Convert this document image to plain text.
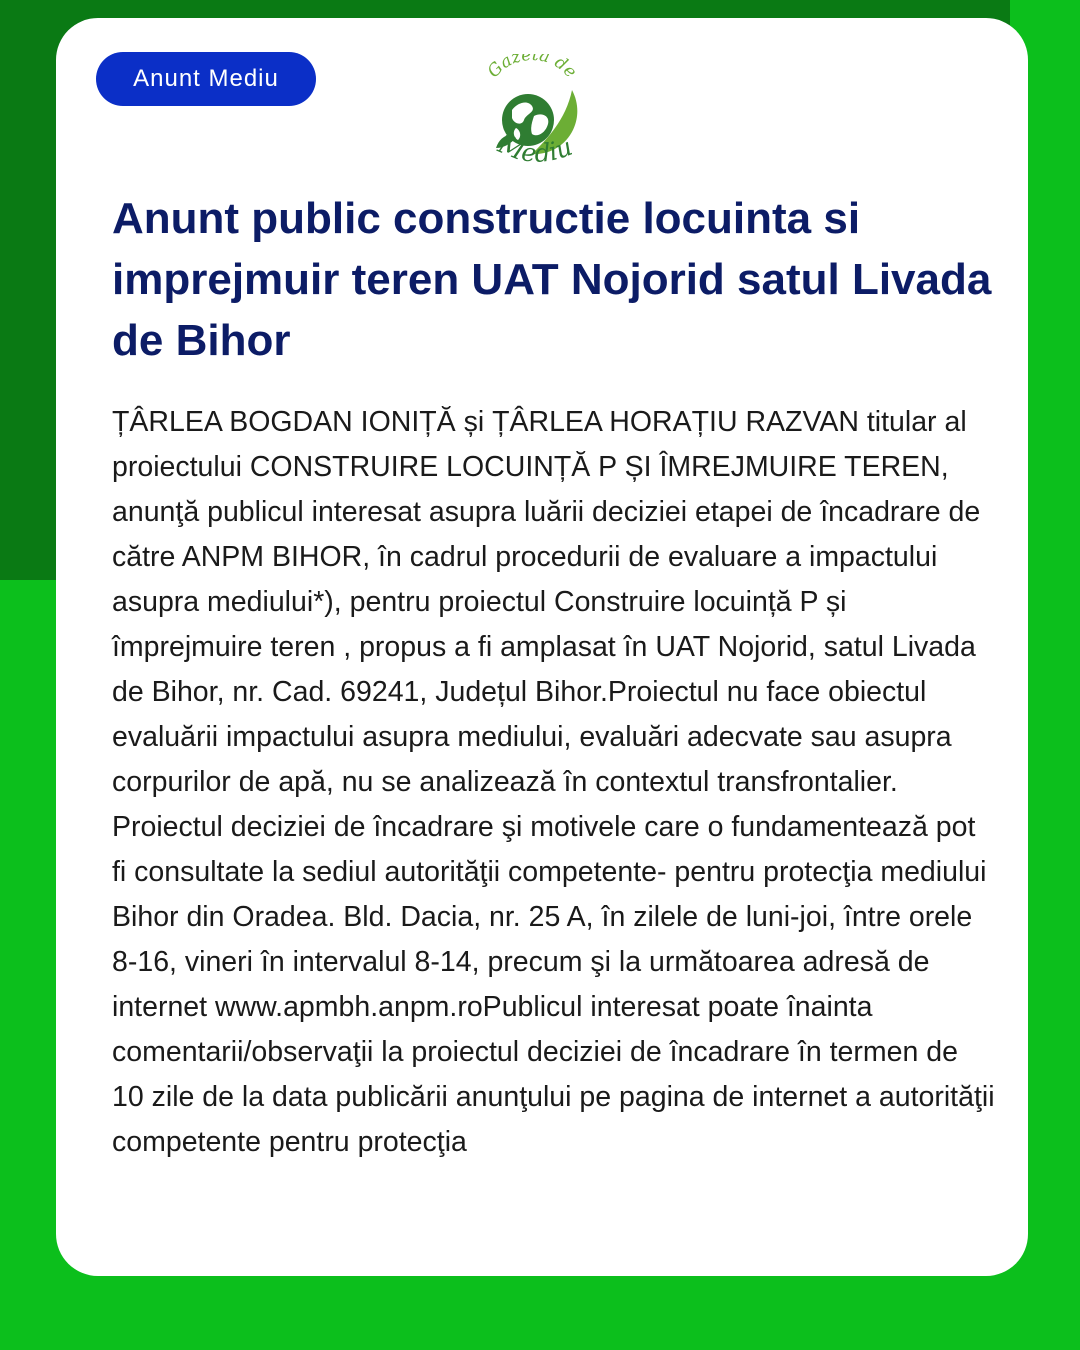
Anunt Mediu	Gazeta de
Mediu
Anunt public constructie locuinta si imprejmuir teren UAT Nojorid satul Livada de Bihor

ȚÂRLEA BOGDAN IONIȚĂ și ȚÂRLEA HORAȚIU RAZVAN titular al proiectului CONSTRUIRE LOCUINȚĂ P ȘI ÎMREJMUIRE TEREN, anunţă publicul interesat asupra luării deciziei etapei de încadrare de către ANPM BIHOR, în cadrul procedurii de evaluare a impactului asupra mediului*), pentru proiectul Construire locuință P și împrejmuire teren , propus a fi amplasat în UAT Nojorid, satul Livada de Bihor, nr. Cad. 69241, Județul Bihor.Proiectul nu face obiectul evaluării impactului asupra mediului, evaluări adecvate sau asupra corpurilor de apă, nu se analizează în contextul transfrontalier. Proiectul deciziei de încadrare şi motivele care o fundamentează pot fi consultate la sediul autorităţii competente- pentru protecţia mediului Bihor din Oradea. Bld. Dacia, nr. 25 A, în zilele de luni-joi, între orele 8-16, vineri în intervalul 8-14, precum şi la următoarea adresă de internet www.apmbh.anpm.roPublicul interesat poate înainta comentarii/observaţii la proiectul deciziei de încadrare în termen de 10 zile de la data publicării anunţului pe pagina de internet a autorităţii competente pentru protecţia
